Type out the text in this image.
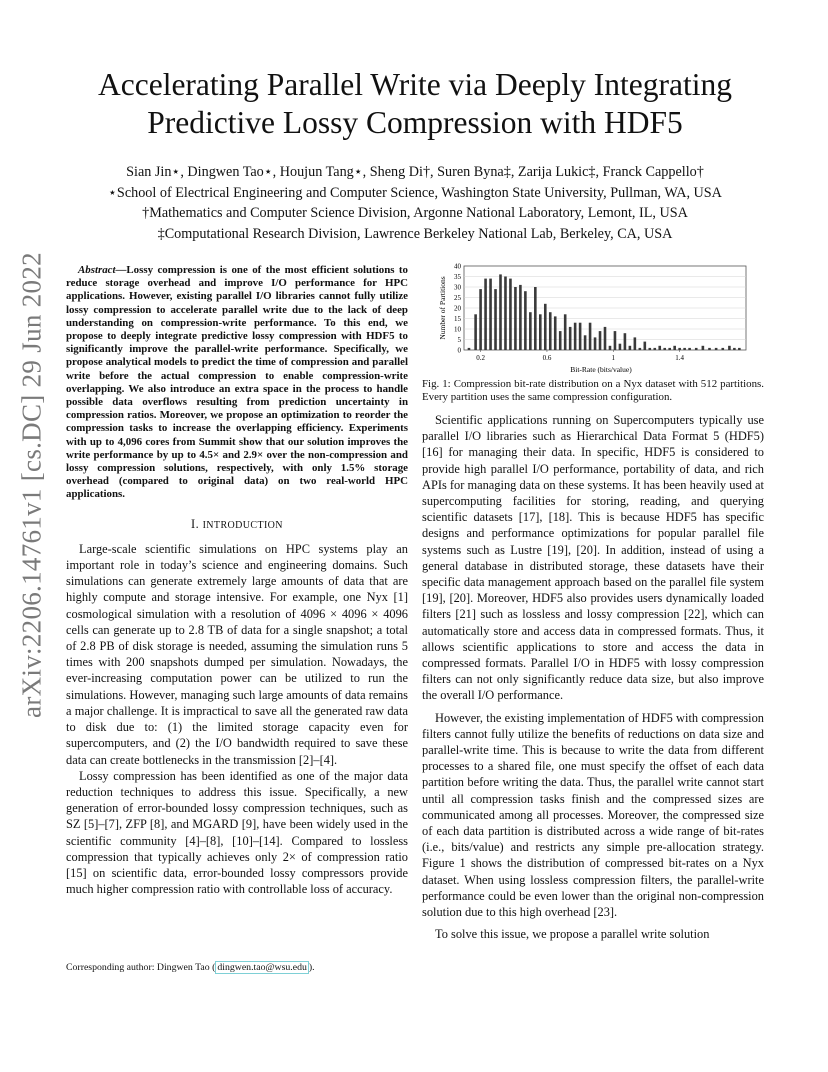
arXiv:2206.14761v1 [cs.DC] 29 Jun 2022
Accelerating Parallel Write via Deeply Integrating
Predictive Lossy Compression with HDF5
Sian Jin⋆, Dingwen Tao⋆, Houjun Tang⋆, Sheng Di†, Suren Byna‡, Zarija Lukic‡, Franck Cappello†
⋆School of Electrical Engineering and Computer Science, Washington State University, Pullman, WA, USA
†Mathematics and Computer Science Division, Argonne National Laboratory, Lemont, IL, USA
‡Computational Research Division, Lawrence Berkeley National Lab, Berkeley, CA, USA

Abstract—Lossy compression is one of the most efficient solutions to reduce storage overhead and improve I/O performance for HPC applications. However, existing parallel I/O libraries cannot fully utilize lossy compression to accelerate parallel write due to the lack of deep understanding on compression-write performance. To this end, we propose to deeply integrate predictive lossy compression with HDF5 to significantly improve the parallel-write performance. Specifically, we propose analytical models to predict the time of compression and parallel write before the actual compression to enable compression-write overlapping. We also introduce an extra space in the process to handle possible data overflows resulting from prediction uncertainty in compression ratios. Moreover, we propose an optimization to reorder the compression tasks to increase the overlapping efficiency. Experiments with up to 4,096 cores from Summit show that our solution improves the write performance by up to 4.5× and 2.9× over the non-compression and lossy compression solutions, respectively, with only 1.5% storage overhead (compared to original data) on two real-world HPC applications.

I. INTRODUCTION

Large-scale scientific simulations on HPC systems play an important role in today’s science and engineering domains. Such simulations can generate extremely large amounts of data that are highly compute and storage intensive. For example, one Nyx [1] cosmological simulation with a resolution of 4096 × 4096 × 4096 cells can generate up to 2.8 TB of data for a single snapshot; a total of 2.8 PB of disk storage is needed, assuming the simulation runs 5 times with 200 snapshots dumped per simulation. Nowadays, the ever-increasing computation power can be utilized to run the simulations. However, managing such large amounts of data remains a major challenge. It is impractical to save all the generated raw data to disk due to: (1) the limited storage capacity even for supercomputers, and (2) the I/O bandwidth required to save these data can create bottlenecks in the transmission [2]–[4].

Lossy compression has been identified as one of the major data reduction techniques to address this issue. Specifically, a new generation of error-bounded lossy compression techniques, such as SZ [5]–[7], ZFP [8], and MGARD [9], have been widely used in the scientific community [4]–[8], [10]–[14]. Compared to lossless compression that typically achieves only 2× of compression ratio [15] on scientific data, error-bounded lossy compressors provide much higher compression ratio with controllable loss of accuracy.

Corresponding author: Dingwen Tao ( dingwen.tao@wsu.edu ).
0
5
10
15
20
25
30
35
40
0.2	0.6	1	1.4
Number of Partitions
Bit-Rate (bits/value)
Fig. 1: Compression bit-rate distribution on a Nyx dataset with 512 partitions. Every partition uses the same compression configuration.

Scientific applications running on Supercomputers typically use parallel I/O libraries such as Hierarchical Data Format 5 (HDF5) [16] for managing their data. In specific, HDF5 is considered to provide high parallel I/O performance, portability of data, and rich APIs for managing data on these systems. It has been heavily used at supercomputing facilities for storing, reading, and querying scientific datasets [17], [18]. This is because HDF5 has specific designs and performance optimizations for popular parallel file systems such as Lustre [19], [20]. In addition, instead of using a general database in distributed storage, these datasets have their specific data management approach based on the parallel file system [19], [20]. Moreover, HDF5 also provides users dynamically loaded filters [21] such as lossless and lossy compression [22], which can automatically store and access data in compressed formats. Thus, it allows scientific applications to store and access the data in compressed formats. Parallel I/O in HDF5 with lossy compression filters can not only significantly reduce data size, but also improve the overall I/O performance.

However, the existing implementation of HDF5 with compression filters cannot fully utilize the benefits of reductions on data size and parallel-write time. This is because to write the data from different processes to a shared file, one must specify the offset of each data partition before writing the data. Thus, the parallel write cannot start until all compression tasks finish and the compressed sizes are communicated among all processes. Moreover, the compressed size of each data partition is distributed across a wide range of bit-rates (i.e., bits/value) and restricts any simple pre-allocation strategy. Figure 1 shows the distribution of compressed bit-rates on a Nyx dataset. When using lossless compression filters, the parallel-write performance could be even lower than the original non-compression solution due to this high overhead [23].

To solve this issue, we propose a parallel write solution
